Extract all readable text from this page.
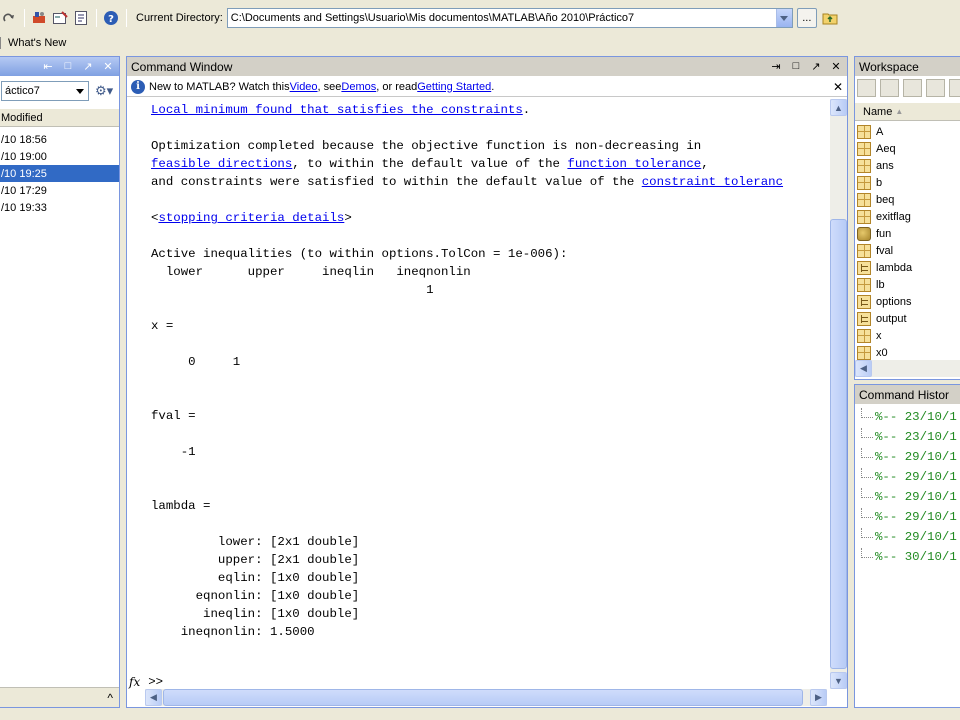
? Current Directory: C:\Documents and Settings\Usuario\Mis documentos\MATLAB\Año 2010\Práctico7	...
What's New
⇤	□	↗ ✕
áctico7	⚙▾
Modified
/10 18:56
/10 19:00
/10 19:25
/10 17:29
/10 19:33
^
Command Window	⇥	□	↗ ✕
i New to MATLAB? Watch this Video , see Demos , or read Getting Started .	✕
Local minimum found that satisfies the constraints.
Optimization completed because the objective function is non-decreasing in
feasible directions, to within the default value of the function tolerance,
and constraints were satisfied to within the default value of the constraint toleranc
<stopping criteria details>
Active inequalities (to within options.TolCon = 1e-006):
lower      upper     ineqlin   ineqnonlin
1
x =
0     1
fval =
-1
lambda =
lower: [2x1 double]
upper: [2x1 double]
eqlin: [1x0 double]
eqnonlin: [1x0 double]
ineqlin: [1x0 double]
ineqnonlin: 1.5000
fx >>
▲
▼
◀	▶
Workspace
Name ▲
A
Aeq
ans
b
beq
exitflag
fun
fval
lambda
lb
options
output
x
x0
◀
Command Histor
%-- 23/10/1
%-- 23/10/1
%-- 29/10/1
%-- 29/10/1
%-- 29/10/1
%-- 29/10/1
%-- 29/10/1
%-- 30/10/1
